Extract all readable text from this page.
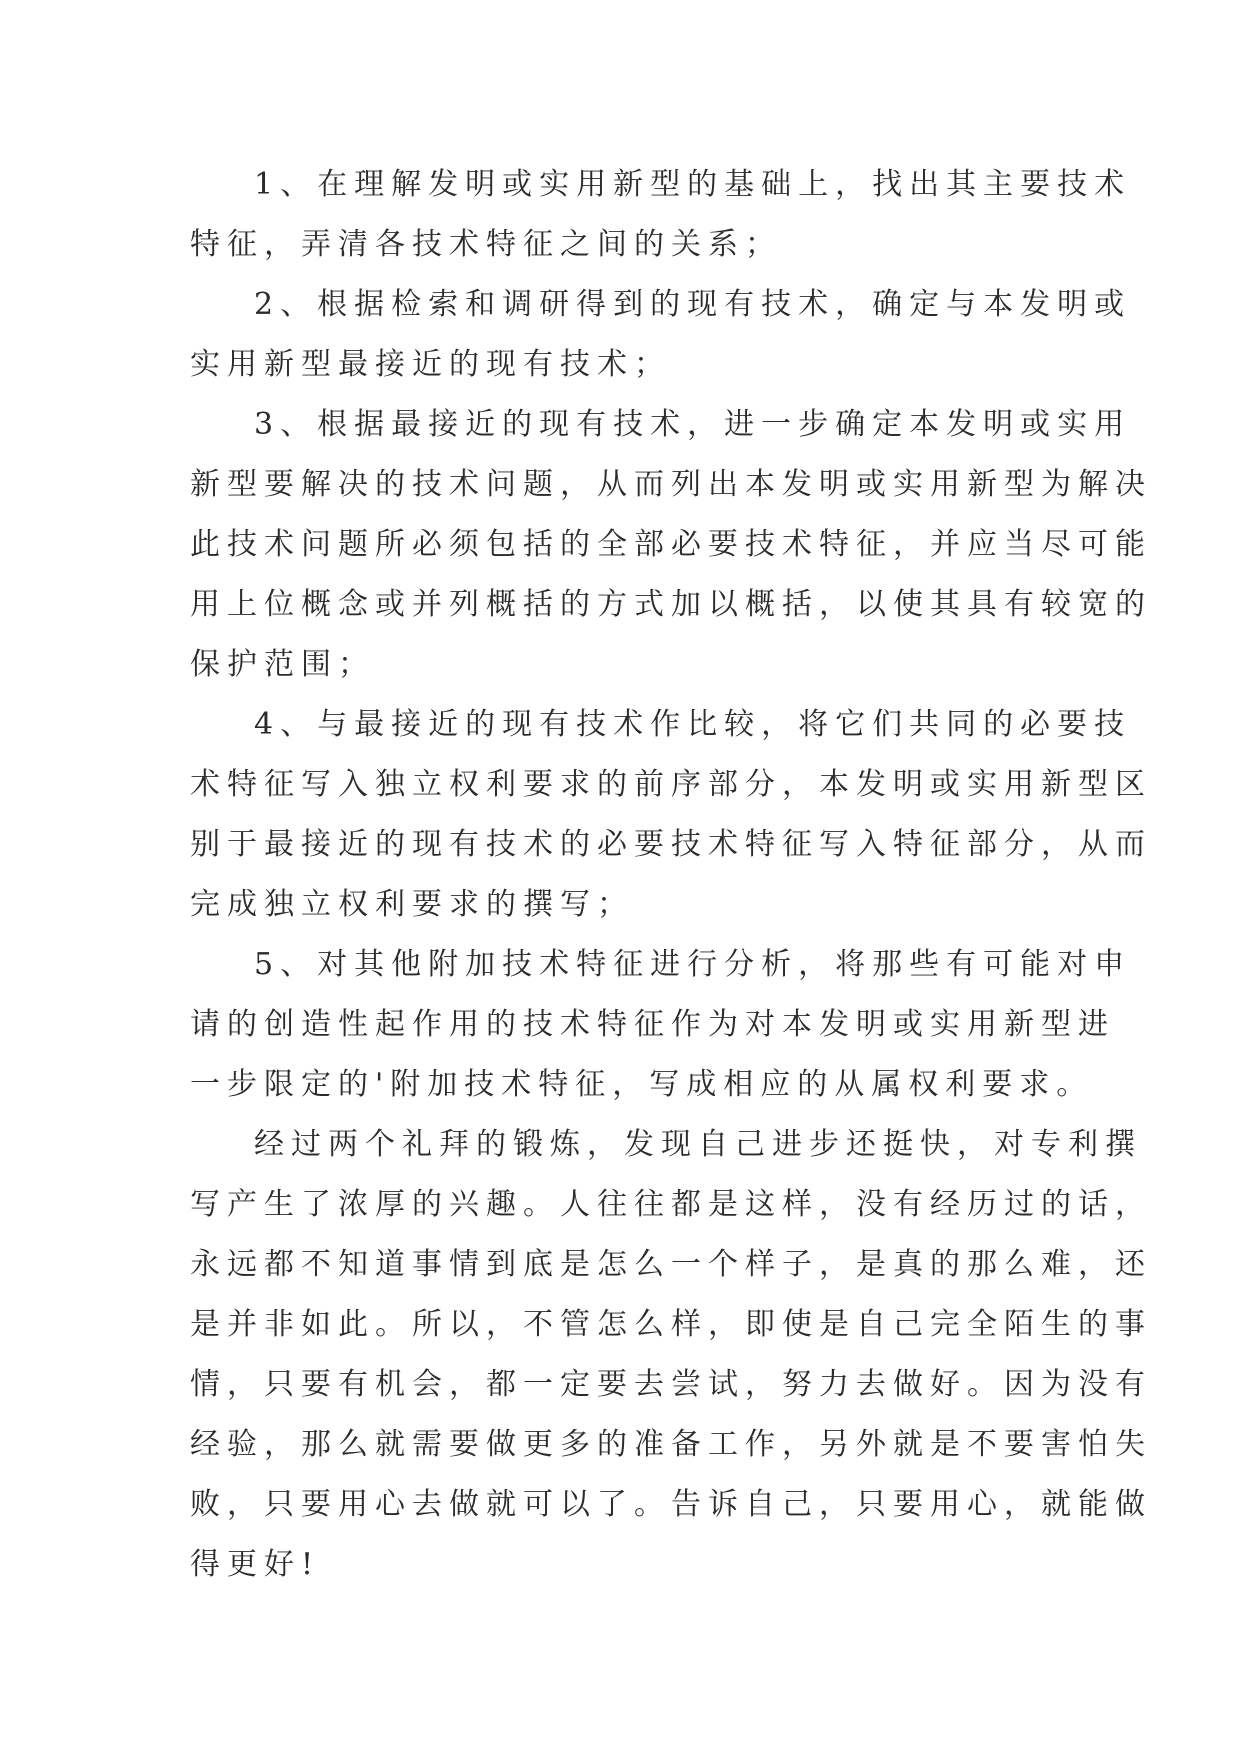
1、在理解发明或实用新型的基础上，找出其主要技术
特征，弄清各技术特征之间的关系；
2、根据检索和调研得到的现有技术，确定与本发明或
实用新型最接近的现有技术；
3、根据最接近的现有技术，进一步确定本发明或实用
新型要解决的技术问题，从而列出本发明或实用新型为解决
此技术问题所必须包括的全部必要技术特征，并应当尽可能
用上位概念或并列概括的方式加以概括，以使其具有较宽的
保护范围；
4、与最接近的现有技术作比较，将它们共同的必要技
术特征写入独立权利要求的前序部分，本发明或实用新型区
别于最接近的现有技术的必要技术特征写入特征部分，从而
完成独立权利要求的撰写；
5、对其他附加技术特征进行分析，将那些有可能对申
请的创造性起作用的技术特征作为对本发明或实用新型进
一步限定的'附加技术特征，写成相应的从属权利要求。
经过两个礼拜的锻炼，发现自己进步还挺快，对专利撰
写产生了浓厚的兴趣。人往往都是这样，没有经历过的话，
永远都不知道事情到底是怎么一个样子，是真的那么难，还
是并非如此。所以，不管怎么样，即使是自己完全陌生的事
情，只要有机会，都一定要去尝试，努力去做好。因为没有
经验，那么就需要做更多的准备工作，另外就是不要害怕失
败，只要用心去做就可以了。告诉自己，只要用心，就能做
得更好!
